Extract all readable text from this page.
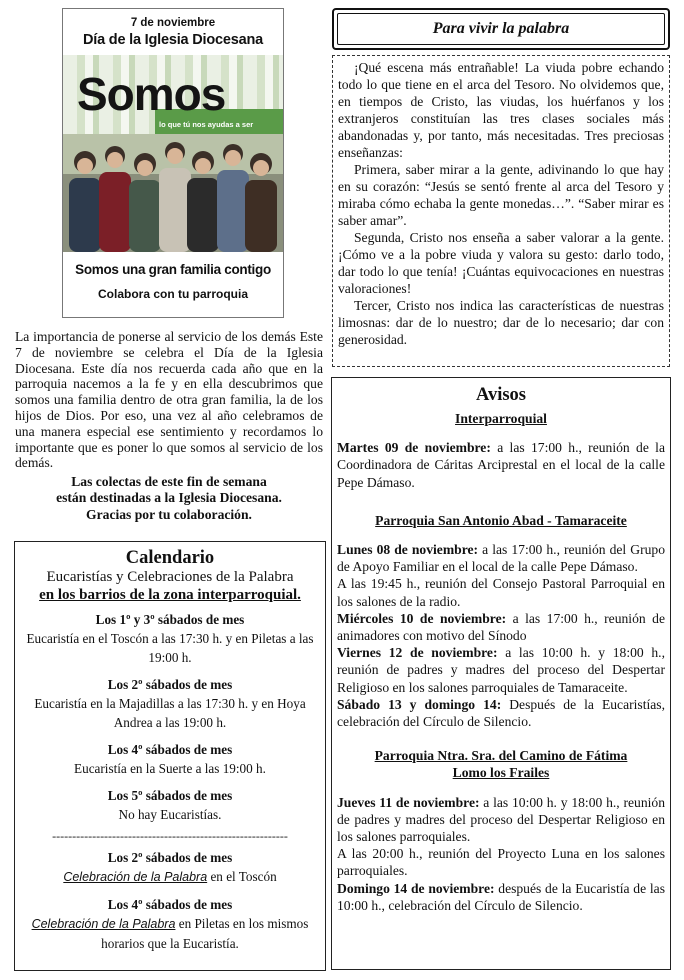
7 de noviembre
Día de la Iglesia Diocesana
Somos
lo que tú nos ayudas a ser
Somos una gran familia contigo
Colabora con tu parroquia

La importancia de ponerse al servicio de los demás Este 7 de noviembre se celebra el Día de la Iglesia Diocesana. Este día nos recuerda cada año que en la parroquia nacemos a la fe y en ella descubrimos que somos una familia dentro de otra gran familia, la de los hijos de Dios. Por eso, una vez al año celebramos de una manera especial ese sentimiento y recordamos lo importante que es poner lo que somos al servicio de los demás.

Las colectas de este fin de semana
están destinadas a la Iglesia Diocesana.
Gracias por tu colaboración.
Calendario
Eucaristías y Celebraciones de la Palabra
en los barrios de la zona interparroquial.
Los 1º y 3º sábados de mes
Eucaristía en el Toscón a las 17:30 h. y en Piletas a las 19:00 h.
Los 2º sábados de mes
Eucaristía en la Majadillas a las 17:30 h. y en Hoya Andrea a las 19:00 h.
Los 4º sábados de mes
Eucaristía en la Suerte a las 19:00 h.
Los 5º sábados de mes
No hay Eucaristías.
-----------------------------------------------------------
Los 2º sábados de mes
Celebración de la Palabra en el Toscón
Los 4º sábados de mes
Celebración de la Palabra en Piletas en los mismos horarios que la Eucaristía.
Para vivir la palabra

¡Qué escena más entrañable! La viuda pobre echando todo lo que tiene en el arca del Tesoro. No olvidemos que, en tiempos de Cristo, las viudas, los huérfanos y los extranjeros constituían las tres clases sociales más abandonadas y, por tanto, más necesitadas. Tres preciosas enseñanzas:

Primera, saber mirar a la gente, adivinando lo que hay en su corazón: “Jesús se sentó frente al arca del Tesoro y miraba cómo echaba la gente monedas…”. “Saber mirar es saber amar”.

Segunda, Cristo nos enseña a saber valorar a la gente. ¡Cómo ve a la pobre viuda y valora su gesto: darlo todo, dar todo lo que tenía! ¡Cuántas equivocaciones en nuestras valoraciones!

Tercer, Cristo nos indica las características de nuestras limosnas: dar de lo nuestro; dar de lo necesario; dar con generosidad.

Avisos
Interparroquial

Martes 09 de noviembre: a las 17:00 h., reunión de la Coordinadora de Cáritas Arciprestal en el local de la calle Pepe Dámaso.

Parroquia San Antonio Abad - Tamaraceite

Lunes 08 de noviembre: a las 17:00 h., reunión del Grupo de Apoyo Familiar en el local de la calle Pepe Dámaso.

A las 19:45 h., reunión del Consejo Pastoral Parroquial en los salones de la radio.

Miércoles 10 de noviembre: a las 17:00 h., reunión de animadores con motivo del Sínodo

Viernes 12 de noviembre: a las 10:00 h. y 18:00 h., reunión de padres y madres del proceso del Despertar Religioso en los salones parroquiales de Tamaraceite.

Sábado 13 y domingo 14: Después de la Eucaristías, celebración del Círculo de Silencio.

Parroquia Ntra. Sra. del Camino de Fátima
Lomo los Frailes

Jueves 11 de noviembre: a las 10:00 h. y 18:00 h., reunión de padres y madres del proceso del Despertar Religioso en los salones parroquiales.

A las 20:00 h., reunión del Proyecto Luna en los salones parroquiales.

Domingo 14 de noviembre: después de la Eucaristía de las 10:00 h., celebración del Círculo de Silencio.
